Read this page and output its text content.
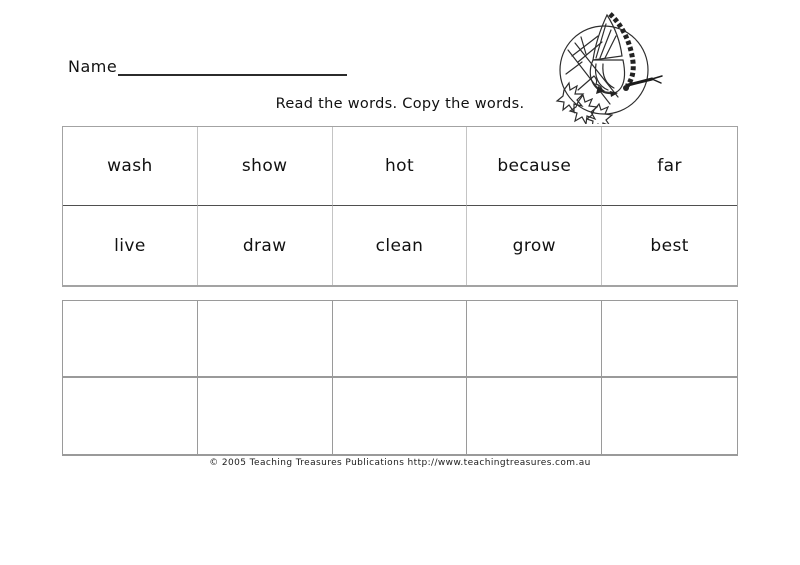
Name
Read the words. Copy the words.
wash	show	hot	because	far
live	draw	clean	grow	best
© 2005 Teaching Treasures Publications http://www.teachingtreasures.com.au
